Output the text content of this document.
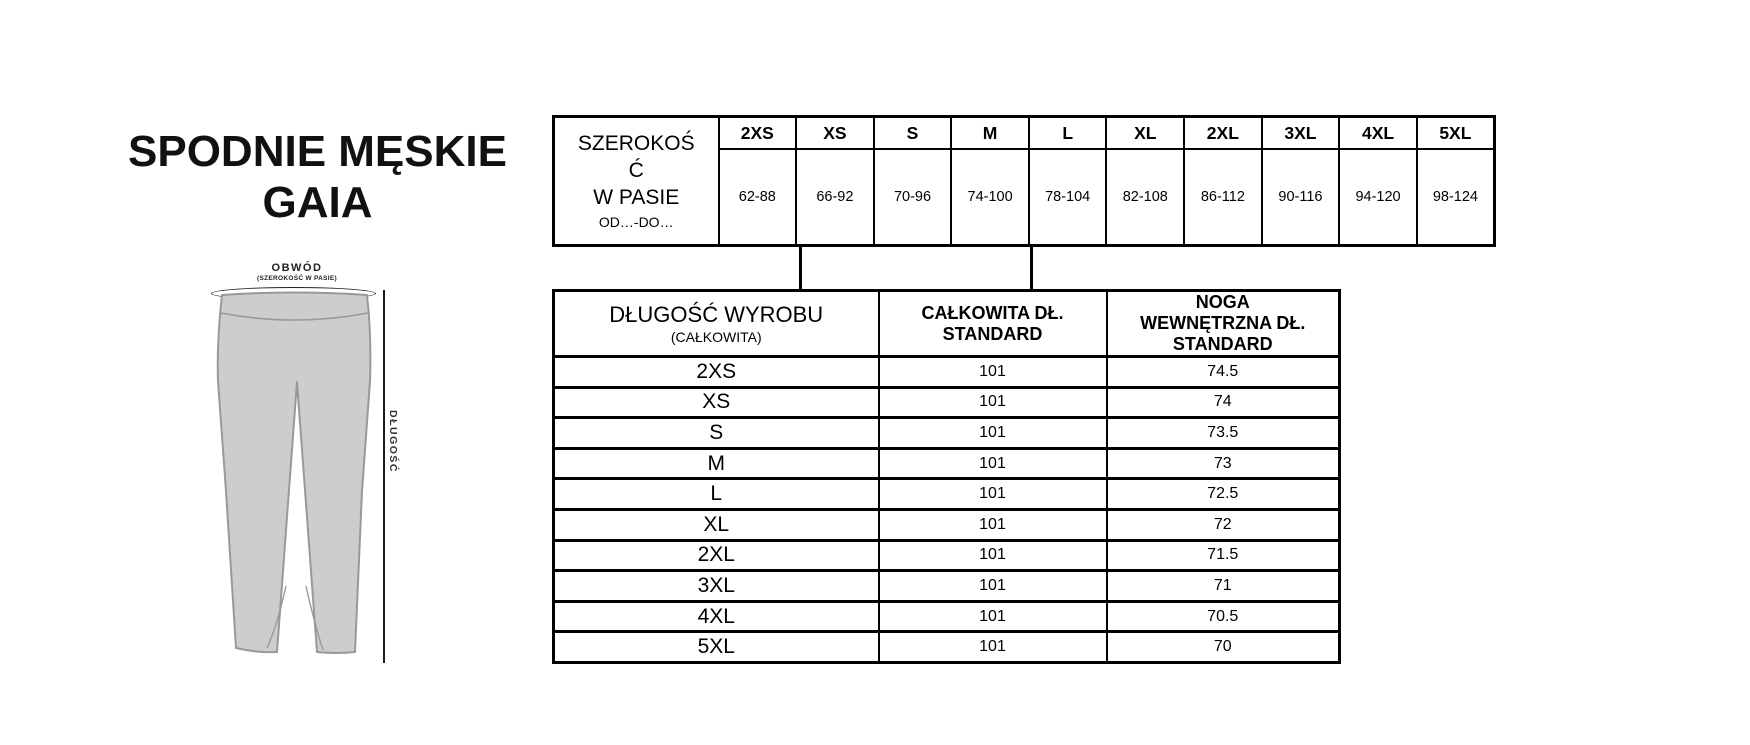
SPODNIE MĘSKIE
GAIA
OBWÓD
(SZEROKOŚĆ W PASIE)
DŁUGOŚĆ
SZEROKOŚ
Ć
W PASIE
OD…-DO…	2XS	XS	S	M	L	XL	2XL	3XL	4XL	5XL
	62-88	66-92	70-96	74-100	78-104	82-108	86-112	90-116	94-120	98-124
DŁUGOŚĆ WYROBU
(CAŁKOWITA)

CAŁKOWITA DŁ.
STANDARD

NOGA
WEWNĘTRZNA DŁ.
STANDARD

2XS	101	74.5
XS	101	74
S	101	73.5
M	101	73
L	101	72.5
XL	101	72
2XL	101	71.5
3XL	101	71
4XL	101	70.5
5XL	101	70
